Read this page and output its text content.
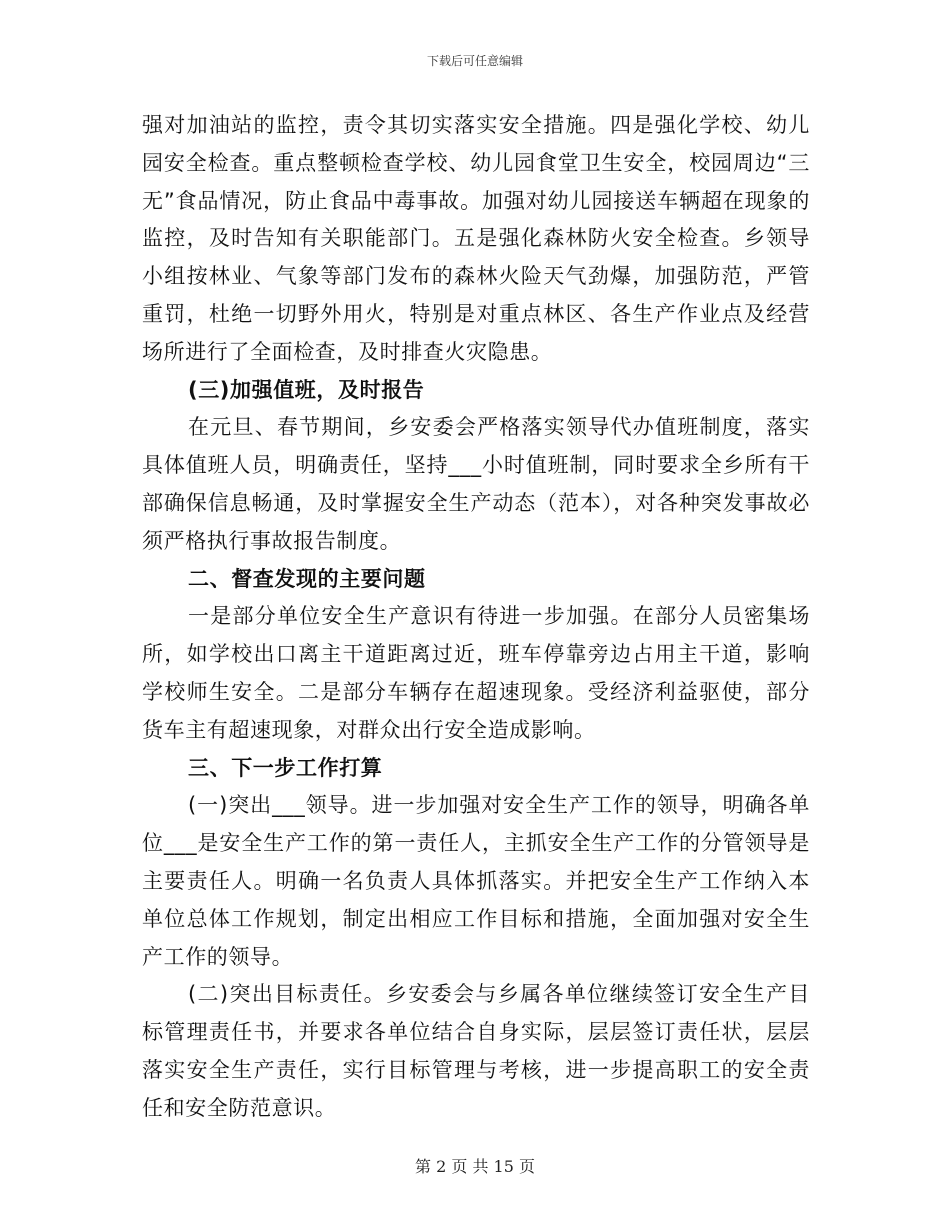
下载后可任意编辑

强对加油站的监控，责令其切实落实安全措施。四是强化学校、幼儿园安全检查。重点整顿检查学校、幼儿园食堂卫生安全，校园周边“三无”食品情况，防止食品中毒事故。加强对幼儿园接送车辆超在现象的监控，及时告知有关职能部门。五是强化森林防火安全检查。乡领导小组按林业、气象等部门发布的森林火险天气劲爆，加强防范，严管重罚，杜绝一切野外用火，特别是对重点林区、各生产作业点及经营场所进行了全面检查，及时排查火灾隐患。

(三)加强值班，及时报告

在元旦、春节期间，乡安委会严格落实领导代办值班制度，落实具体值班人员，明确责任，坚持___小时值班制，同时要求全乡所有干部确保信息畅通，及时掌握安全生产动态（范本），对各种突发事故必须严格执行事故报告制度。

二、督查发现的主要问题

一是部分单位安全生产意识有待进一步加强。在部分人员密集场所，如学校出口离主干道距离过近，班车停靠旁边占用主干道，影响学校师生安全。二是部分车辆存在超速现象。受经济利益驱使，部分货车主有超速现象，对群众出行安全造成影响。

三、下一步工作打算

(一)突出___领导。进一步加强对安全生产工作的领导，明确各单位___是安全生产工作的第一责任人，主抓安全生产工作的分管领导是主要责任人。明确一名负责人具体抓落实。并把安全生产工作纳入本单位总体工作规划，制定出相应工作目标和措施，全面加强对安全生产工作的领导。

(二)突出目标责任。乡安委会与乡属各单位继续签订安全生产目标管理责任书，并要求各单位结合自身实际，层层签订责任状，层层落实安全生产责任，实行目标管理与考核，进一步提高职工的安全责任和安全防范意识。

第 2 页 共 15 页
